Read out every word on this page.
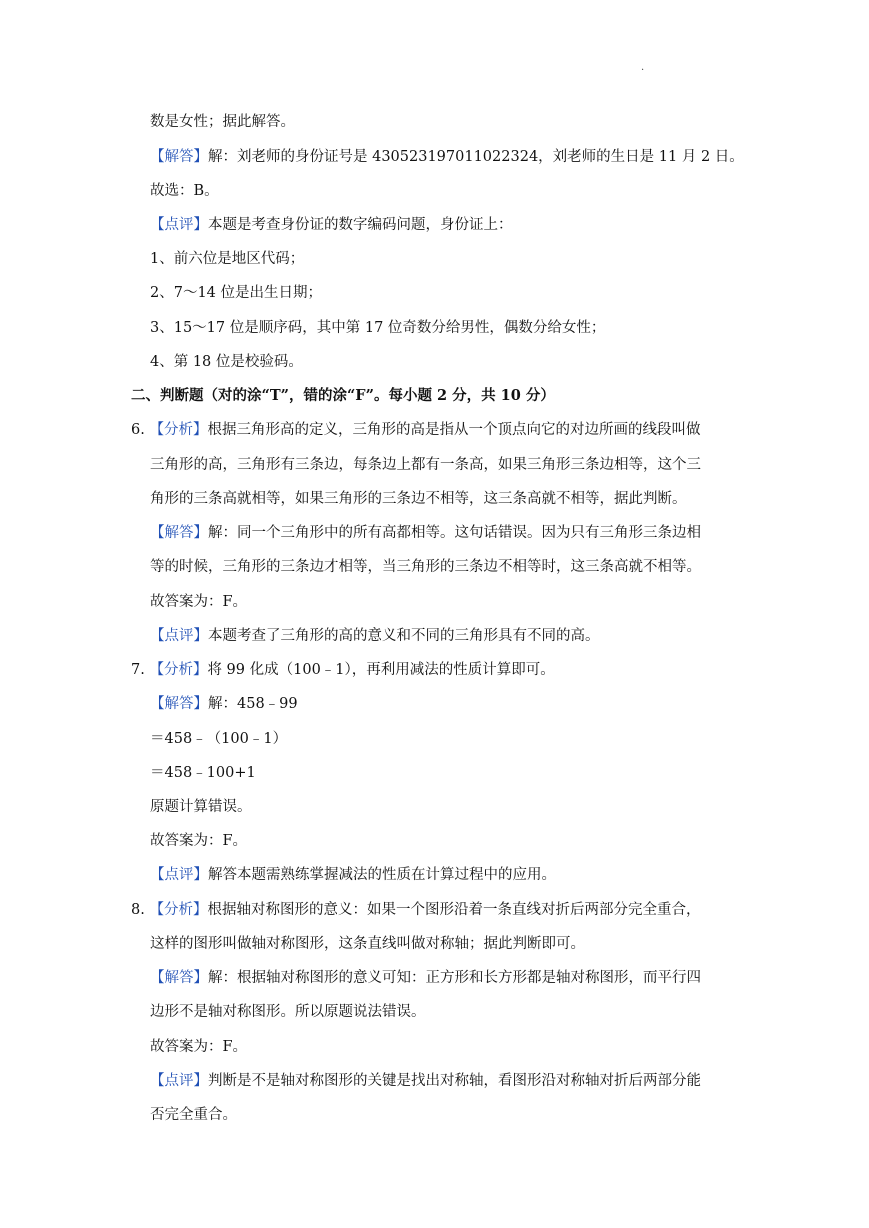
.
数是女性；据此解答。
【解答】解：刘老师的身份证号是 430523197011022324，刘老师的生日是 11 月 2 日。
故选：B。
【点评】本题是考查身份证的数字编码问题，身份证上：
1、前六位是地区代码；
2、7～14 位是出生日期；
3、15～17 位是顺序码，其中第 17 位奇数分给男性，偶数分给女性；
4、第 18 位是校验码。
二、判断题（对的涂“T”，错的涂“F”。每小题 2 分，共 10 分）
6. 【分析】根据三角形高的定义，三角形的高是指从一个顶点向它的对边所画的线段叫做
三角形的高，三角形有三条边，每条边上都有一条高，如果三角形三条边相等，这个三
角形的三条高就相等，如果三角形的三条边不相等，这三条高就不相等，据此判断。
【解答】解：同一个三角形中的所有高都相等。这句话错误。因为只有三角形三条边相
等的时候，三角形的三条边才相等，当三角形的三条边不相等时，这三条高就不相等。
故答案为：F。
【点评】本题考查了三角形的高的意义和不同的三角形具有不同的高。
7. 【分析】将 99 化成（100﹣1），再利用减法的性质计算即可。
【解答】解：458﹣99
＝458﹣（100﹣1）
＝458﹣100+1
原题计算错误。
故答案为：F。
【点评】解答本题需熟练掌握减法的性质在计算过程中的应用。
8. 【分析】根据轴对称图形的意义：如果一个图形沿着一条直线对折后两部分完全重合，
这样的图形叫做轴对称图形，这条直线叫做对称轴；据此判断即可。
【解答】解：根据轴对称图形的意义可知：正方形和长方形都是轴对称图形，而平行四
边形不是轴对称图形。所以原题说法错误。
故答案为：F。
【点评】判断是不是轴对称图形的关键是找出对称轴，看图形沿对称轴对折后两部分能
否完全重合。
